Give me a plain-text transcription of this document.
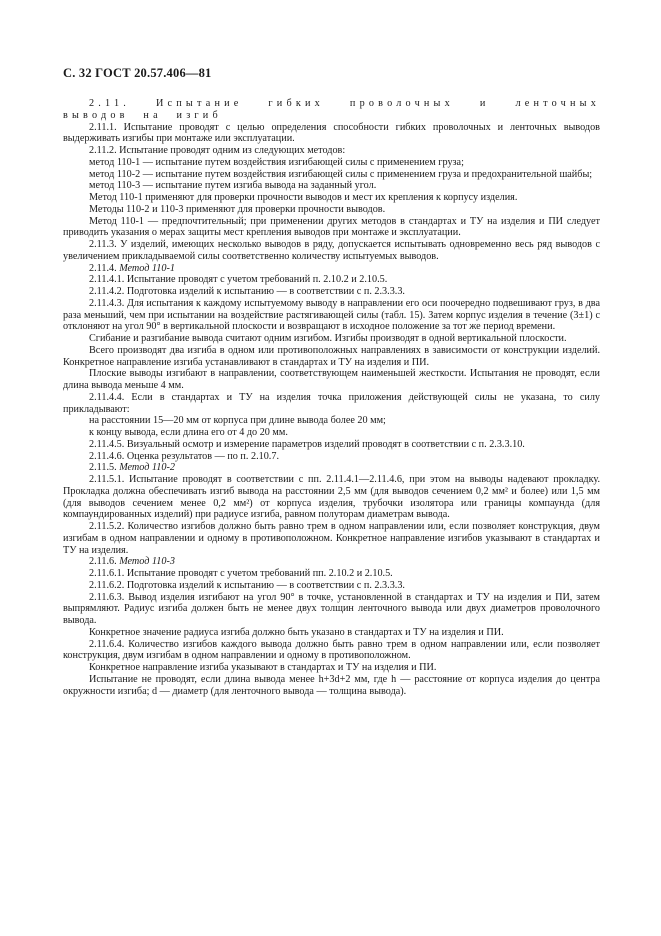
С. 32 ГОСТ 20.57.406—81

2.11. Испытание гибких проволочных и ленточных выводов на изгиб

2.11.1. Испытание проводят с целью определения способности гибких проволочных и ленточных выводов выдерживать изгибы при монтаже или эксплуатации.

2.11.2. Испытание проводят одним из следующих методов:

метод 110-1 — испытание путем воздействия изгибающей силы с применением груза;

метод 110-2 — испытание путем воздействия изгибающей силы с применением груза и предохранительной шайбы;

метод 110-3 — испытание путем изгиба вывода на заданный угол.

Метод 110-1 применяют для проверки прочности выводов и мест их крепления к корпусу изделия.

Методы 110-2 и 110-3 применяют для проверки прочности выводов.

Метод 110-1 — предпочтительный; при применении других методов в стандартах и ТУ на изделия и ПИ следует приводить указания о мерах защиты мест крепления выводов при монтаже и эксплуатации.

2.11.3. У изделий, имеющих несколько выводов в ряду, допускается испытывать одновременно весь ряд выводов с увеличением прикладываемой силы соответственно количеству испытуемых выводов.

2.11.4. Метод 110-1

2.11.4.1. Испытание проводят с учетом требований п. 2.10.2 и 2.10.5.

2.11.4.2. Подготовка изделий к испытанию — в соответствии с п. 2.3.3.3.

2.11.4.3. Для испытания к каждому испытуемому выводу в направлении его оси поочередно подвешивают груз, в два раза меньший, чем при испытании на воздействие растягивающей силы (табл. 15). Затем корпус изделия в течение (3±1) с отклоняют на угол 90° в вертикальной плоскости и возвращают в исходное положение за тот же период времени.

Сгибание и разгибание вывода считают одним изгибом. Изгибы производят в одной вертикальной плоскости.

Всего производят два изгиба в одном или противоположных направлениях в зависимости от конструкции изделий. Конкретное направление изгиба устанавливают в стандартах и ТУ на изделия и ПИ.

Плоские выводы изгибают в направлении, соответствующем наименьшей жесткости. Испытания не проводят, если длина вывода меньше 4 мм.

2.11.4.4. Если в стандартах и ТУ на изделия точка приложения действующей силы не указана, то силу прикладывают:

на расстоянии 15—20 мм от корпуса при длине вывода более 20 мм;

к концу вывода, если длина его от 4 до 20 мм.

2.11.4.5. Визуальный осмотр и измерение параметров изделий проводят в соответствии с п. 2.3.3.10.

2.11.4.6. Оценка результатов — по п. 2.10.7.

2.11.5. Метод 110-2

2.11.5.1. Испытание проводят в соответствии с пп. 2.11.4.1—2.11.4.6, при этом на выводы надевают прокладку. Прокладка должна обеспечивать изгиб вывода на расстоянии 2,5 мм (для выводов сечением 0,2 мм² и более) или 1,5 мм (для выводов сечением менее 0,2 мм²) от корпуса изделия, трубочки изолятора или границы компаунда (для компаундированных изделий) при радиусе изгиба, равном полуторам диаметрам вывода.

2.11.5.2. Количество изгибов должно быть равно трем в одном направлении или, если позволяет конструкция, двум изгибам в одном направлении и одному в противоположном. Конкретное направление изгибов указывают в стандартах и ТУ на изделия.

2.11.6. Метод 110-3

2.11.6.1. Испытание проводят с учетом требований пп. 2.10.2 и 2.10.5.

2.11.6.2. Подготовка изделий к испытанию — в соответствии с п. 2.3.3.3.

2.11.6.3. Вывод изделия изгибают на угол 90° в точке, установленной в стандартах и ТУ на изделия и ПИ, затем выпрямляют. Радиус изгиба должен быть не менее двух толщин ленточного вывода или двух диаметров проволочного вывода.

Конкретное значение радиуса изгиба должно быть указано в стандартах и ТУ на изделия и ПИ.

2.11.6.4. Количество изгибов каждого вывода должно быть равно трем в одном направлении или, если позволяет конструкция, двум изгибам в одном направлении и одному в противоположном.

Конкретное направление изгиба указывают в стандартах и ТУ на изделия и ПИ.

Испытание не проводят, если длина вывода менее h+3d+2 мм, где h — расстояние от корпуса изделия до центра окружности изгиба; d — диаметр (для ленточного вывода — толщина вывода).
